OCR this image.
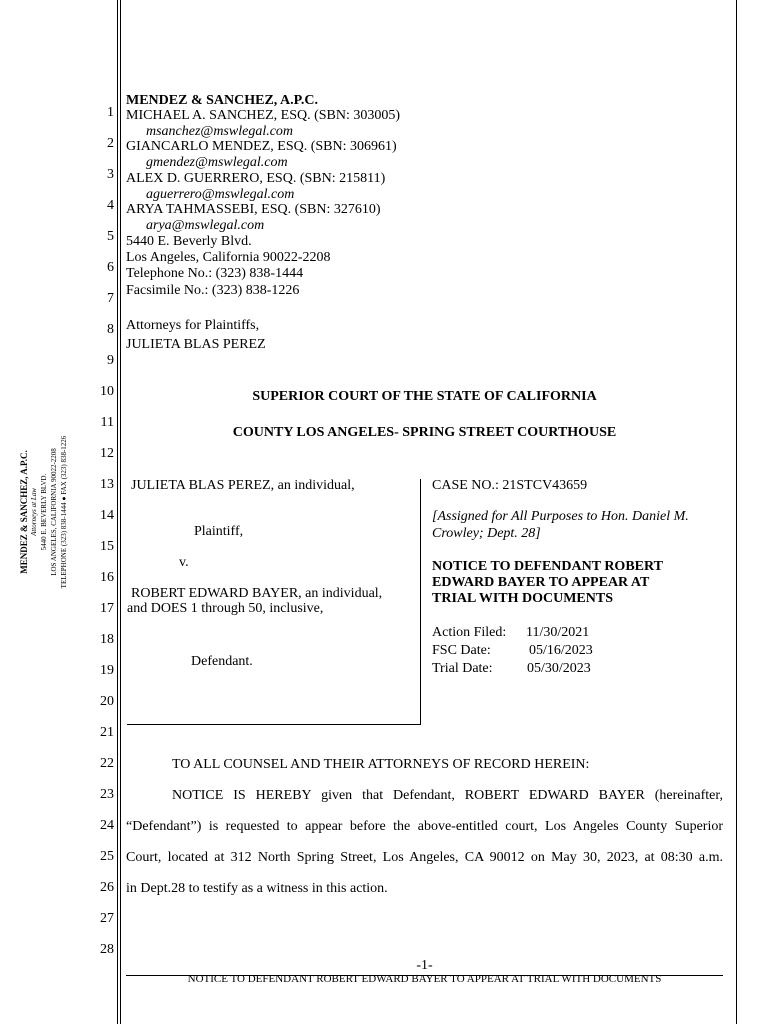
MENDEZ & SANCHEZ, A.P.C. Attorneys at Law 5440 E. BEVERLY BLVD. LOS ANGELES, CALIFORNIA 90022-2208 TELEPHONE (323) 838-1444 ● FAX (323) 838-1226
1
2
3
4
5
6
7
8
9
10
11
12
13
14
15
16
17
18
19
20
21
22
23
24
25
26
27
28
MENDEZ & SANCHEZ, A.P.C.
MICHAEL A. SANCHEZ, ESQ. (SBN: 303005)
msanchez@mswlegal.com
GIANCARLO MENDEZ, ESQ. (SBN: 306961)
gmendez@mswlegal.com
ALEX D. GUERRERO, ESQ. (SBN: 215811)
aguerrero@mswlegal.com
ARYA TAHMASSEBI, ESQ. (SBN: 327610)
arya@mswlegal.com
5440 E. Beverly Blvd.
Los Angeles, California 90022-2208
Telephone No.: (323) 838-1444
Facsimile No.: (323) 838-1226
Attorneys for Plaintiffs,
JULIETA BLAS PEREZ
SUPERIOR COURT OF THE STATE OF CALIFORNIA
COUNTY LOS ANGELES- SPRING STREET COURTHOUSE
JULIETA BLAS PEREZ, an individual,
Plaintiff,
v.
ROBERT EDWARD BAYER, an individual,
and DOES 1 through 50, inclusive,
Defendant.
CASE NO.: 21STCV43659
[Assigned for All Purposes to Hon. Daniel M.
Crowley; Dept. 28]
NOTICE TO DEFENDANT ROBERT
EDWARD BAYER TO APPEAR AT
TRIAL WITH DOCUMENTS
Action Filed: 11/30/2021
FSC Date:	05/16/2023
Trial Date: 05/30/2023
TO ALL COUNSEL AND THEIR ATTORNEYS OF RECORD HEREIN:
NOTICE IS HEREBY given that Defendant, ROBERT EDWARD BAYER (hereinafter,
“Defendant”) is requested to appear before the above-entitled court, Los Angeles County Superior
Court, located at 312 North Spring Street, Los Angeles, CA 90012 on May 30, 2023, at 08:30 a.m.
in Dept.28 to testify as a witness in this action.
-1-
NOTICE TO DEFENDANT ROBERT EDWARD BAYER TO APPEAR AT TRIAL WITH DOCUMENTS
